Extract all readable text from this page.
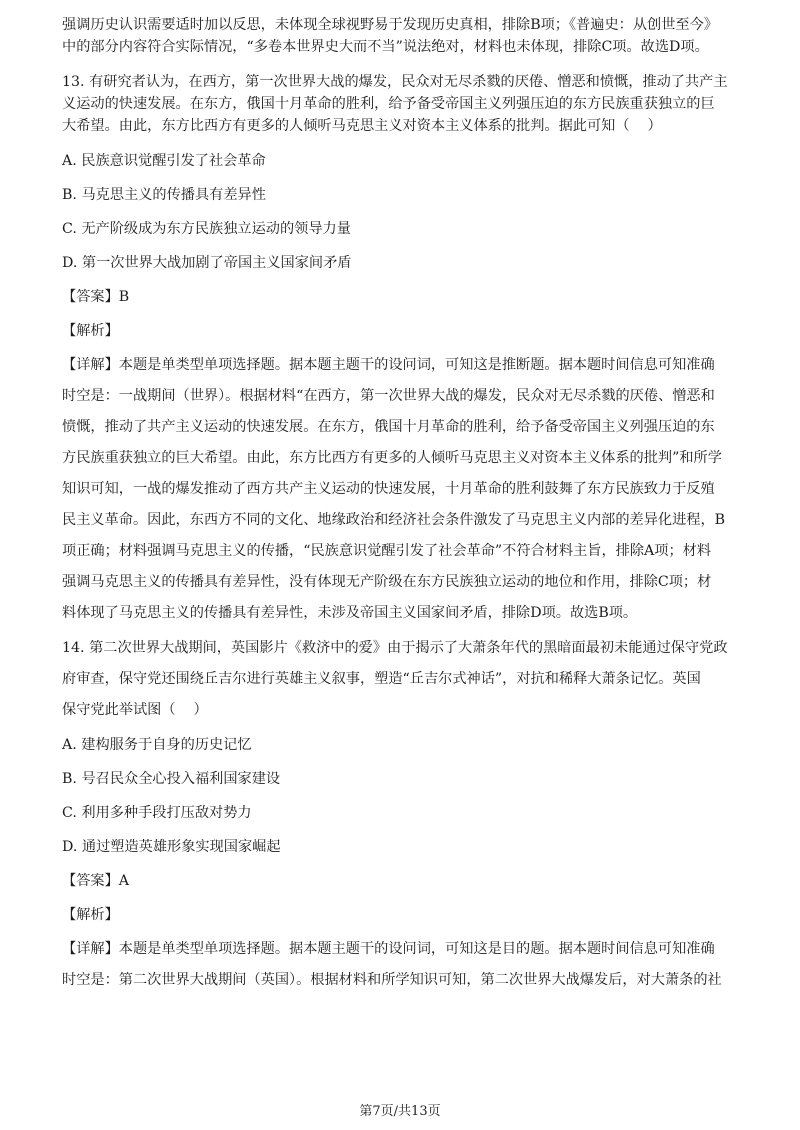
强调历史认识需要适时加以反思，未体现全球视野易于发现历史真相，排除B项；《普遍史：从创世至今》

中的部分内容符合实际情况，“多卷本世界史大而不当”说法绝对，材料也未体现，排除C项。故选D项。

13. 有研究者认为，在西方，第一次世界大战的爆发，民众对无尽杀戮的厌倦、憎恶和愤慨，推动了共产主

义运动的快速发展。在东方，俄国十月革命的胜利，给予备受帝国主义列强压迫的东方民族重获独立的巨

大希望。由此，东方比西方有更多的人倾听马克思主义对资本主义体系的批判。据此可知（    ）

A. 民族意识觉醒引发了社会革命

B. 马克思主义的传播具有差异性

C. 无产阶级成为东方民族独立运动的领导力量

D. 第一次世界大战加剧了帝国主义国家间矛盾

【答案】B

【解析】

【详解】本题是单类型单项选择题。据本题主题干的设问词，可知这是推断题。据本题时间信息可知准确

时空是：一战期间（世界）。根据材料“在西方，第一次世界大战的爆发，民众对无尽杀戮的厌倦、憎恶和

愤慨，推动了共产主义运动的快速发展。在东方，俄国十月革命的胜利，给予备受帝国主义列强压迫的东

方民族重获独立的巨大希望。由此，东方比西方有更多的人倾听马克思主义对资本主义体系的批判”和所学

知识可知，一战的爆发推动了西方共产主义运动的快速发展，十月革命的胜利鼓舞了东方民族致力于反殖

民主义革命。因此，东西方不同的文化、地缘政治和经济社会条件激发了马克思主义内部的差异化进程，B

项正确；材料强调马克思主义的传播，“民族意识觉醒引发了社会革命”不符合材料主旨，排除A项；材料

强调马克思主义的传播具有差异性，没有体现无产阶级在东方民族独立运动的地位和作用，排除C项；材

料体现了马克思主义的传播具有差异性，未涉及帝国主义国家间矛盾，排除D项。故选B项。

14. 第二次世界大战期间，英国影片《救济中的爱》由于揭示了大萧条年代的黑暗面最初未能通过保守党政

府审查，保守党还围绕丘吉尔进行英雄主义叙事，塑造“丘吉尔式神话”，对抗和稀释大萧条记忆。英国

保守党此举试图（    ）

A. 建构服务于自身的历史记忆

B. 号召民众全心投入福利国家建设

C. 利用多种手段打压敌对势力

D. 通过塑造英雄形象实现国家崛起

【答案】A

【解析】

【详解】本题是单类型单项选择题。据本题主题干的设问词，可知这是目的题。据本题时间信息可知准确

时空是：第二次世界大战期间（英国）。根据材料和所学知识可知，第二次世界大战爆发后，对大萧条的社

第7页/共13页
